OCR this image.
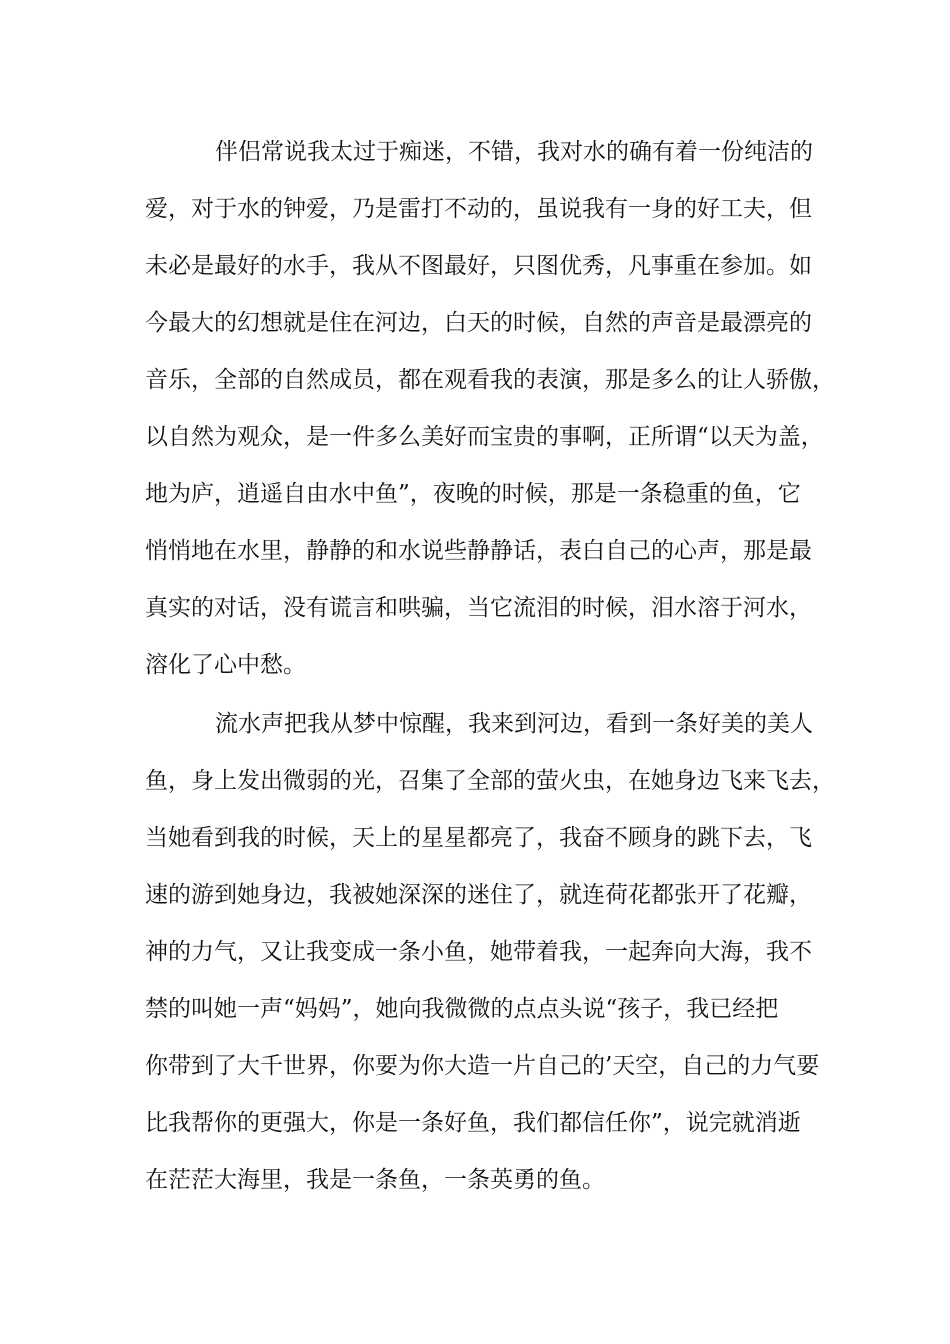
伴侣常说我太过于痴迷，不错，我对水的确有着一份纯洁的
爱，对于水的钟爱，乃是雷打不动的，虽说我有一身的好工夫，但
未必是最好的水手，我从不图最好，只图优秀，凡事重在参加。如
今最大的幻想就是住在河边，白天的时候，自然的声音是最漂亮的
音乐，全部的自然成员，都在观看我的表演，那是多么的让人骄傲，
以自然为观众，是一件多么美好而宝贵的事啊，正所谓“以天为盖，
地为庐，逍遥自由水中鱼”，夜晚的时候，那是一条稳重的鱼，它
悄悄地在水里，静静的和水说些静静话，表白自己的心声，那是最
真实的对话，没有谎言和哄骗，当它流泪的时候，泪水溶于河水，
溶化了心中愁。
流水声把我从梦中惊醒，我来到河边，看到一条好美的美人
鱼，身上发出微弱的光，召集了全部的萤火虫，在她身边飞来飞去，
当她看到我的时候，天上的星星都亮了，我奋不顾身的跳下去，飞
速的游到她身边，我被她深深的迷住了，就连荷花都张开了花瓣，
神的力气，又让我变成一条小鱼，她带着我，一起奔向大海，我不
禁的叫她一声“妈妈”，她向我微微的点点头说“孩子，我已经把
你带到了大千世界，你要为你大造一片自己的’天空，自己的力气要
比我帮你的更强大，你是一条好鱼，我们都信任你”，说完就消逝
在茫茫大海里，我是一条鱼，一条英勇的鱼。
